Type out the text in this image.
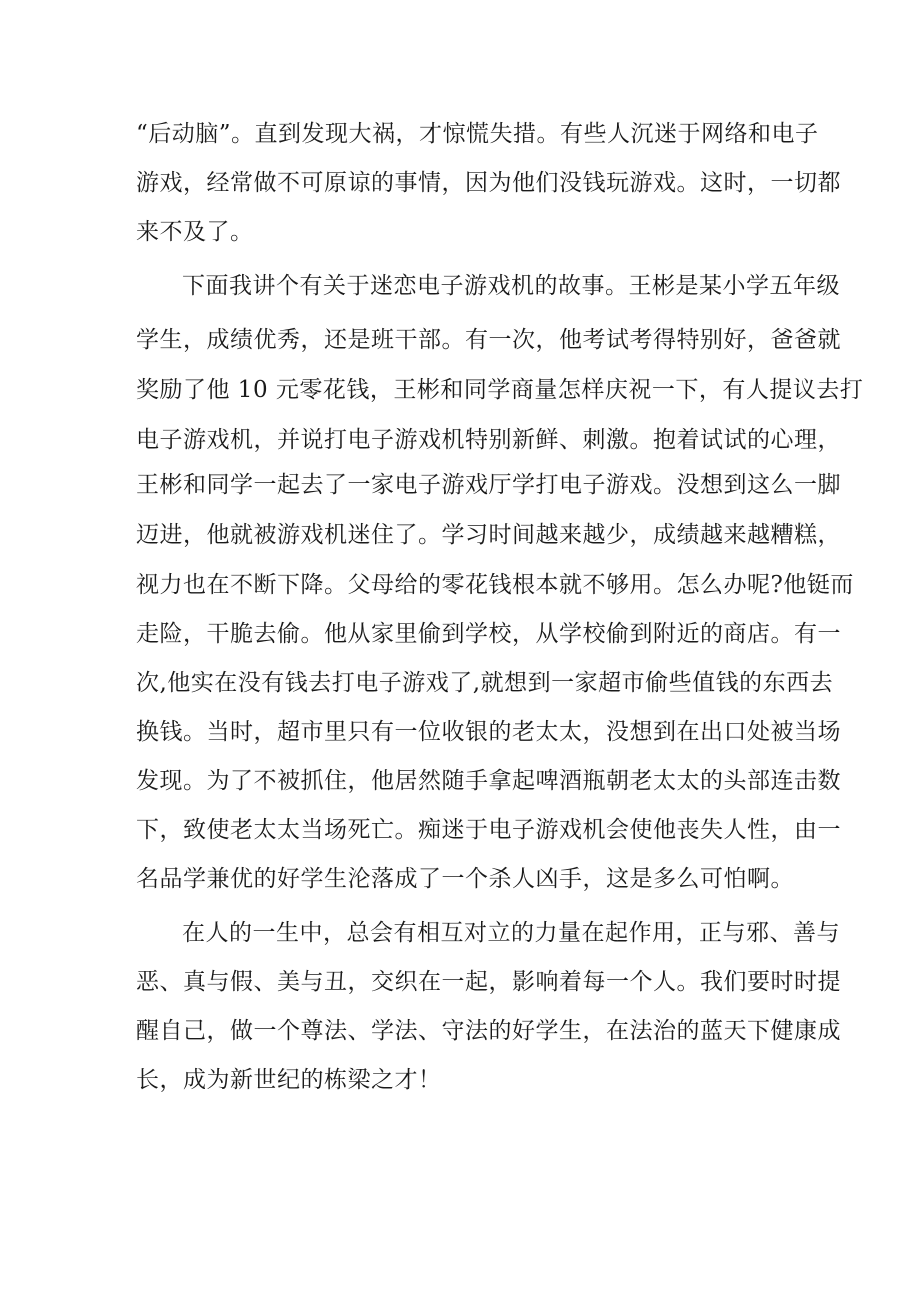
“后动脑”。直到发现大祸，才惊慌失措。有些人沉迷于网络和电子
游戏，经常做不可原谅的事情，因为他们没钱玩游戏。这时，一切都
来不及了。
下面我讲个有关于迷恋电子游戏机的故事。王彬是某小学五年级
学生，成绩优秀，还是班干部。有一次，他考试考得特别好，爸爸就
奖励了他 10 元零花钱，王彬和同学商量怎样庆祝一下，有人提议去打
电子游戏机，并说打电子游戏机特别新鲜、刺激。抱着试试的心理，
王彬和同学一起去了一家电子游戏厅学打电子游戏。没想到这么一脚
迈进，他就被游戏机迷住了。学习时间越来越少，成绩越来越糟糕，
视力也在不断下降。父母给的零花钱根本就不够用。怎么办呢?他铤而
走险，干脆去偷。他从家里偷到学校，从学校偷到附近的商店。有一
次,他实在没有钱去打电子游戏了,就想到一家超市偷些值钱的东西去
换钱。当时，超市里只有一位收银的老太太，没想到在出口处被当场
发现。为了不被抓住，他居然随手拿起啤酒瓶朝老太太的头部连击数
下，致使老太太当场死亡。痴迷于电子游戏机会使他丧失人性，由一
名品学兼优的好学生沦落成了一个杀人凶手，这是多么可怕啊。
在人的一生中，总会有相互对立的力量在起作用，正与邪、善与
恶、真与假、美与丑，交织在一起，影响着每一个人。我们要时时提
醒自己，做一个尊法、学法、守法的好学生，在法治的蓝天下健康成
长，成为新世纪的栋梁之才！
